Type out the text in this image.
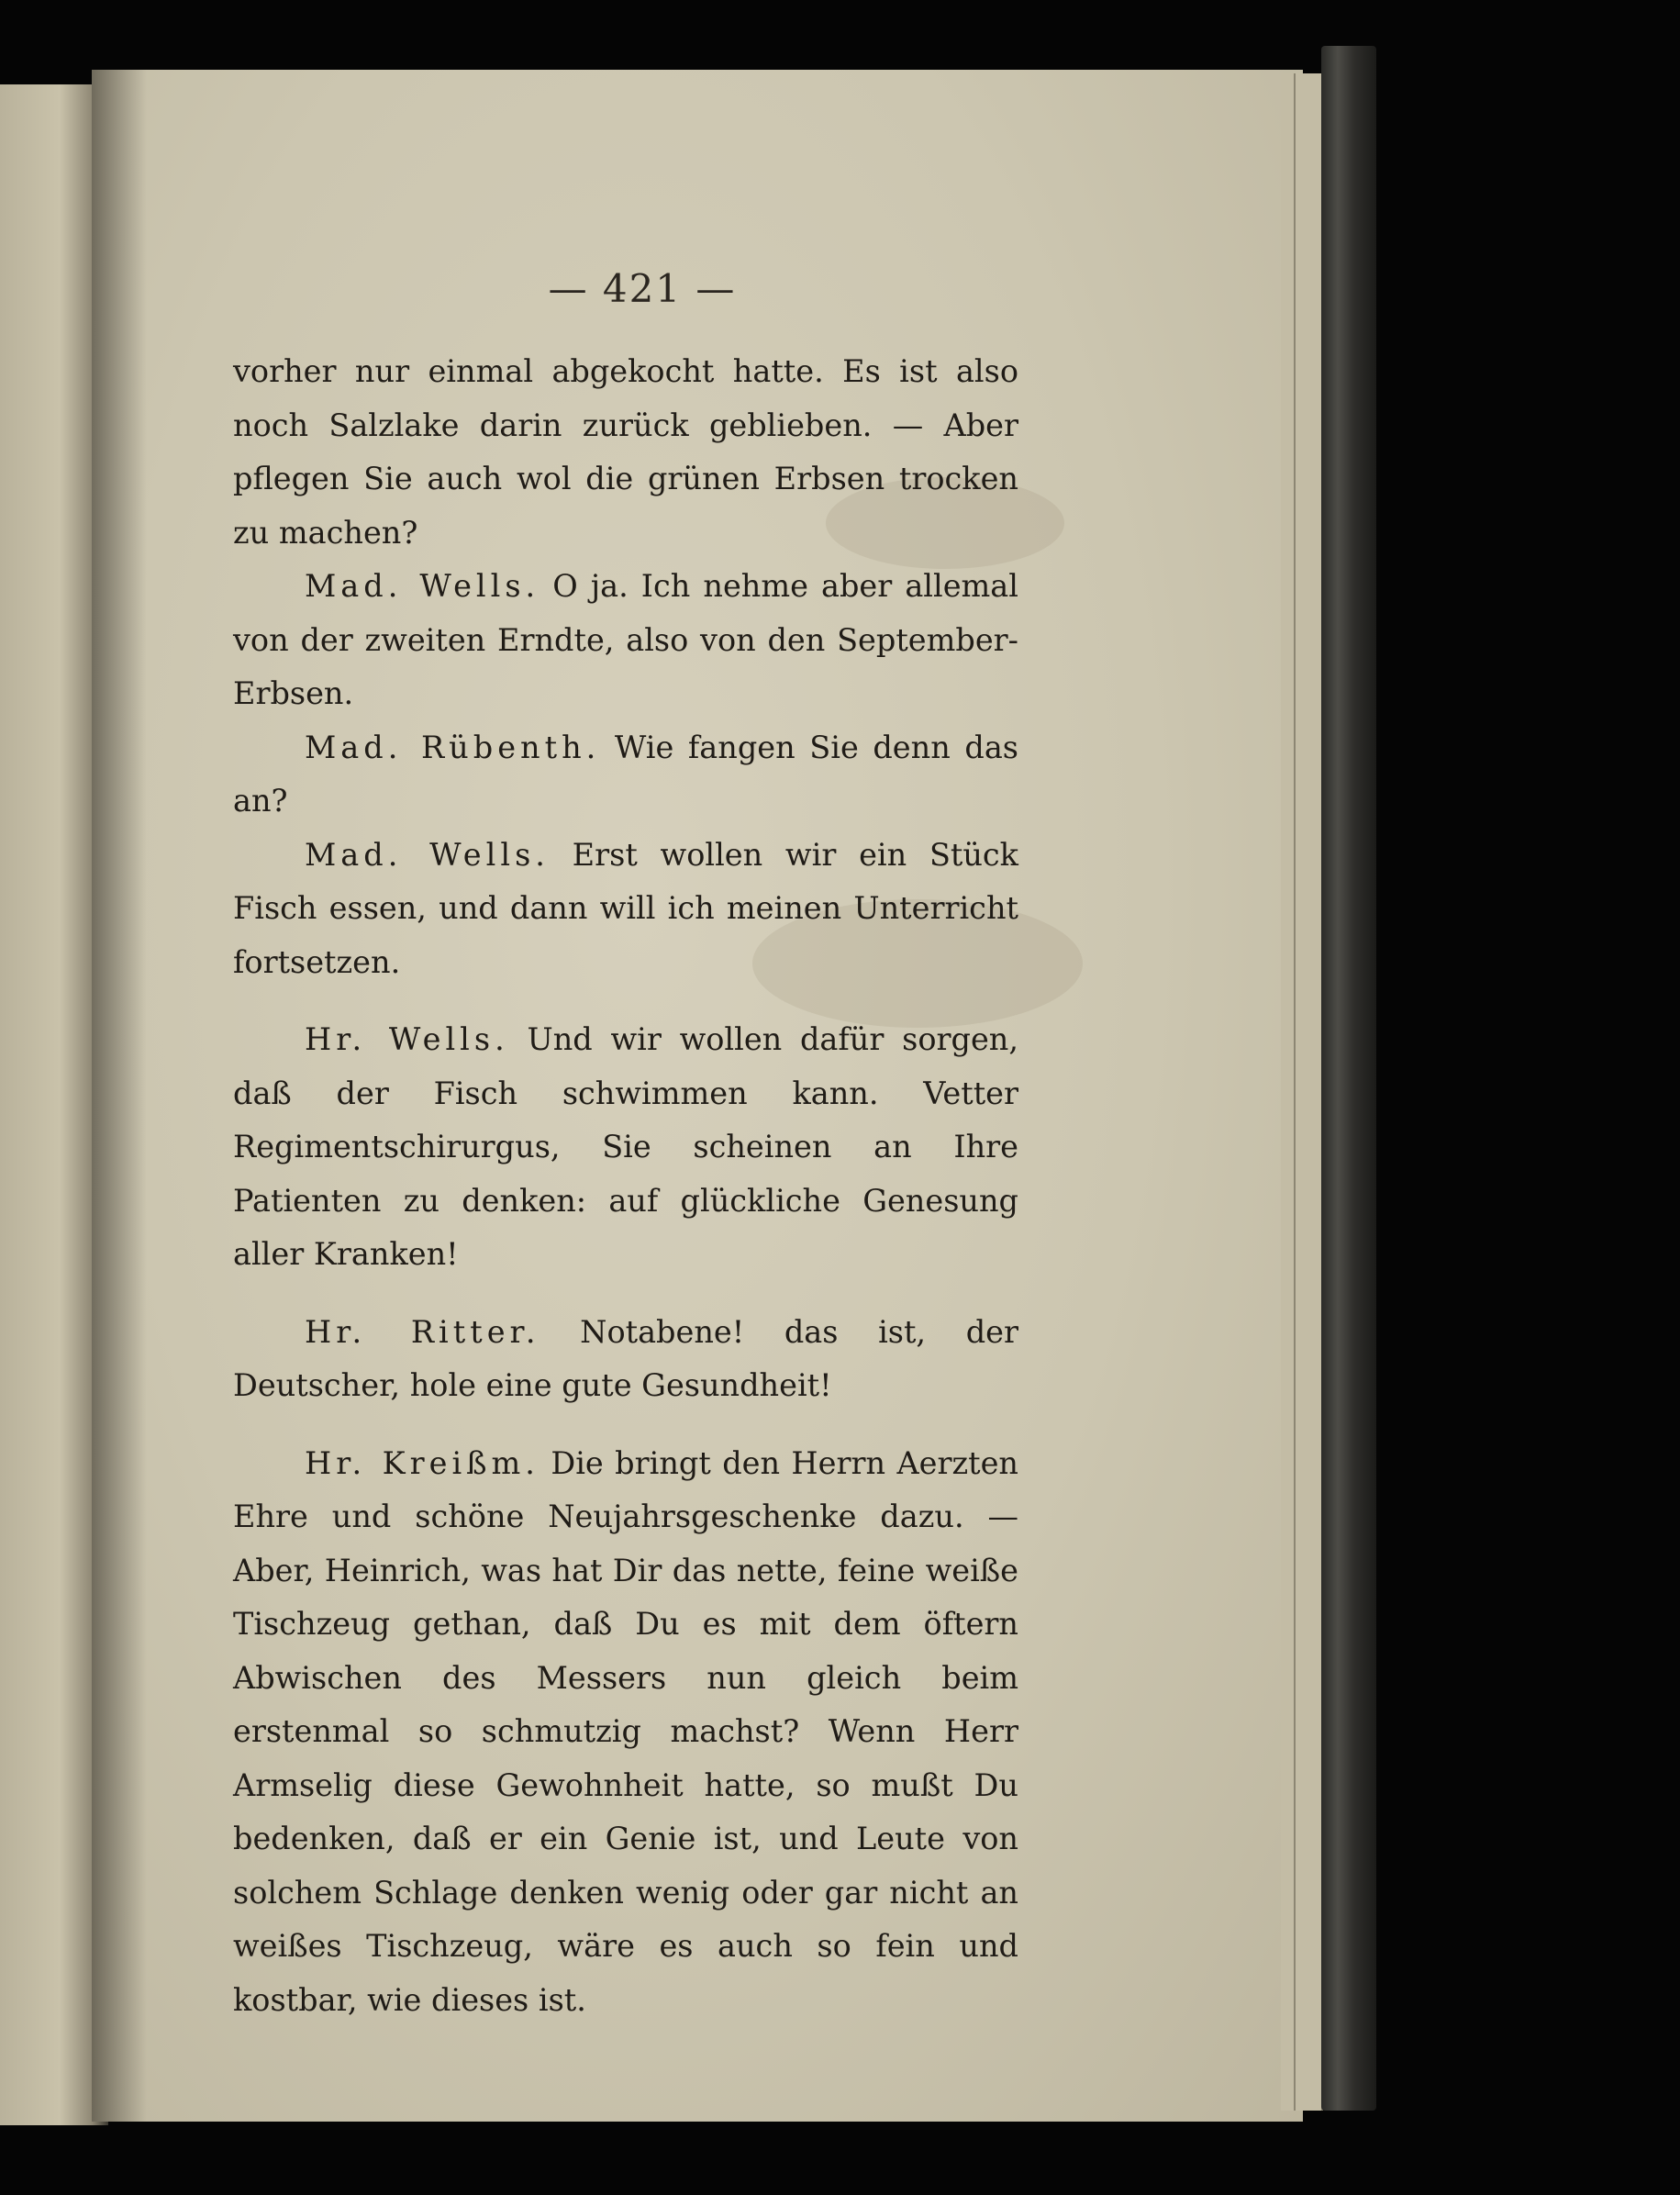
— 421 —

vorher nur einmal abgekocht hatte. Es ist also noch Salzlake darin zurück geblieben. — Aber pflegen Sie auch wol die grünen Erbsen trocken zu machen?

Mad. Wells. O ja. Ich nehme aber allemal von der zweiten Erndte, also von den September-Erbsen.

Mad. Rübenth. Wie fangen Sie denn das an?

Mad. Wells. Erst wollen wir ein Stück Fisch essen, und dann will ich meinen Unterricht fortsetzen.

Hr. Wells. Und wir wollen dafür sorgen, daß der Fisch schwimmen kann. Vetter Regimentschirurgus, Sie scheinen an Ihre Patienten zu denken: auf glückliche Genesung aller Kranken!

Hr. Ritter. Notabene! das ist, der Deutscher, hole eine gute Gesundheit!

Hr. Kreißm. Die bringt den Herrn Aerzten Ehre und schöne Neujahrsgeschenke dazu. — Aber, Heinrich, was hat Dir das nette, feine weiße Tischzeug gethan, daß Du es mit dem öftern Abwischen des Messers nun gleich beim erstenmal so schmutzig machst? Wenn Herr Armselig diese Gewohnheit hatte, so mußt Du bedenken, daß er ein Genie ist, und Leute von solchem Schlage denken wenig oder gar nicht an weißes Tischzeug, wäre es auch so fein und kostbar, wie dieses ist.
